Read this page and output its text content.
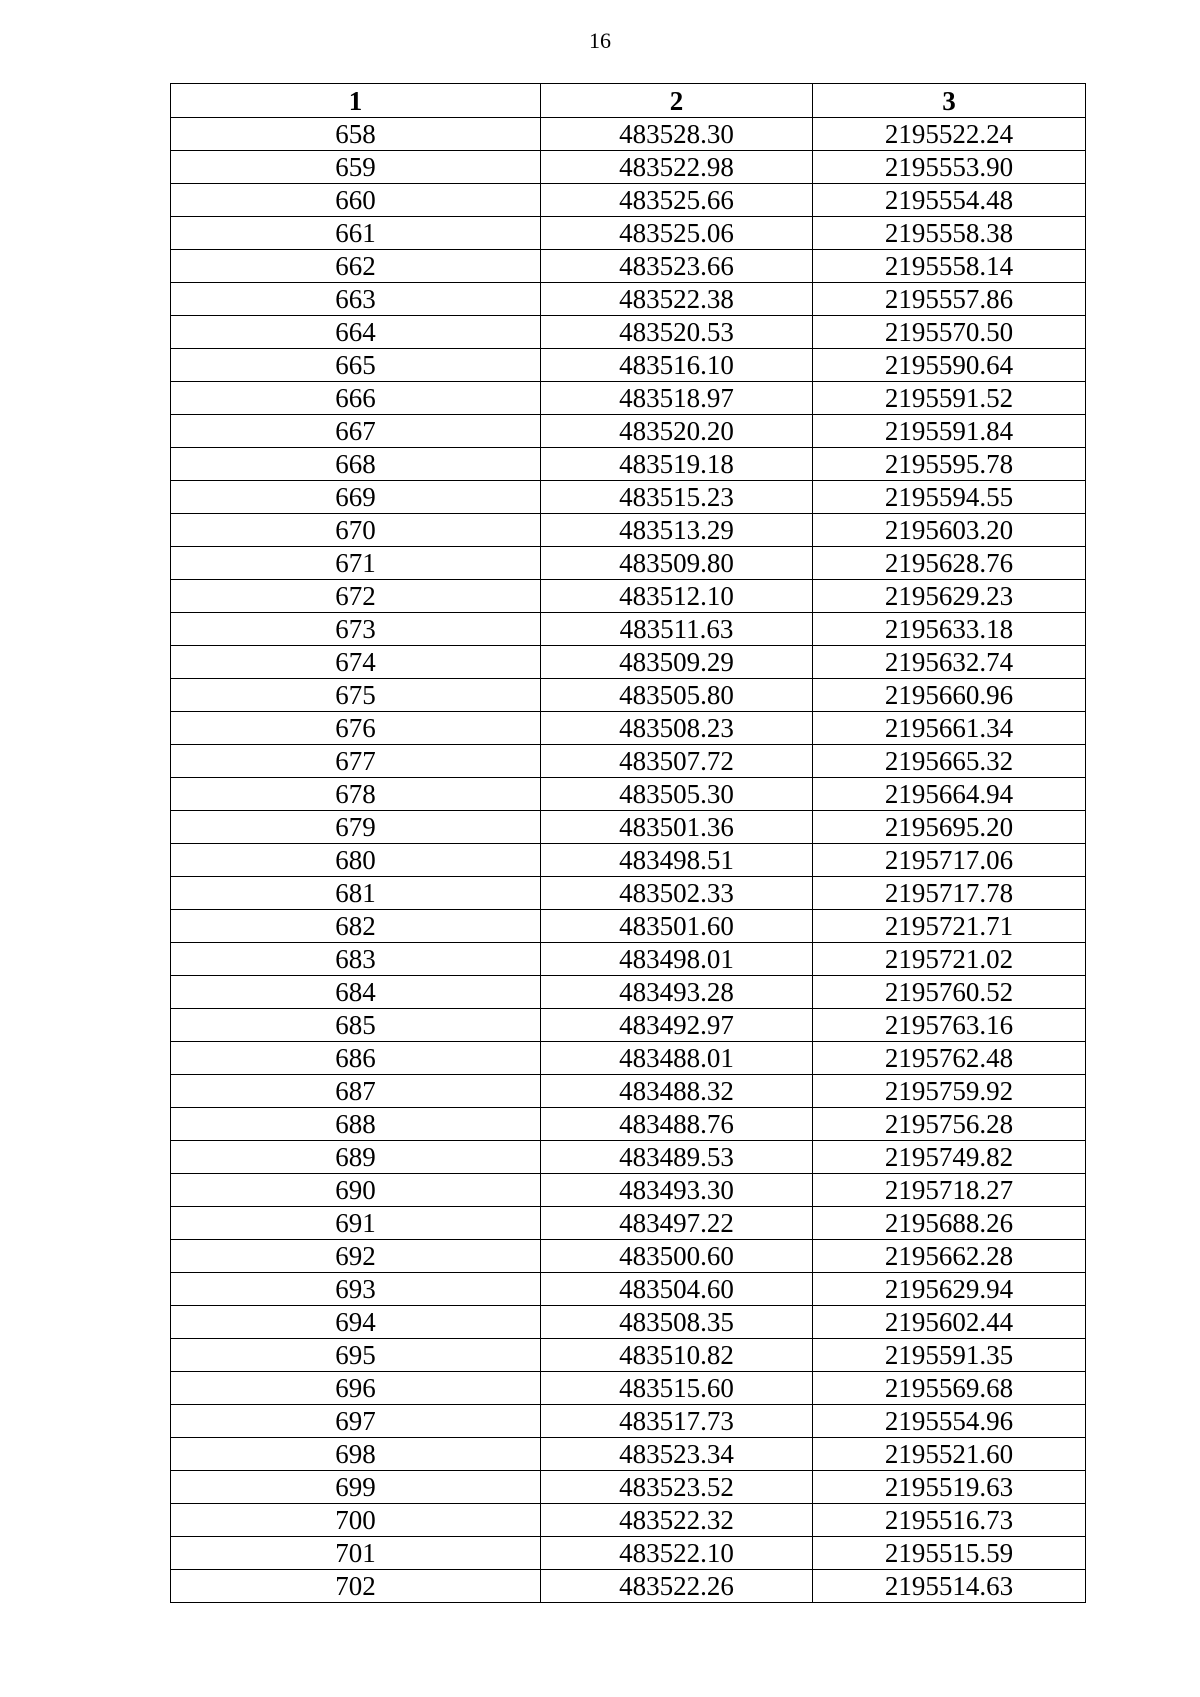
16
1	2	3
658	483528.30	2195522.24
659	483522.98	2195553.90
660	483525.66	2195554.48
661	483525.06	2195558.38
662	483523.66	2195558.14
663	483522.38	2195557.86
664	483520.53	2195570.50
665	483516.10	2195590.64
666	483518.97	2195591.52
667	483520.20	2195591.84
668	483519.18	2195595.78
669	483515.23	2195594.55
670	483513.29	2195603.20
671	483509.80	2195628.76
672	483512.10	2195629.23
673	483511.63	2195633.18
674	483509.29	2195632.74
675	483505.80	2195660.96
676	483508.23	2195661.34
677	483507.72	2195665.32
678	483505.30	2195664.94
679	483501.36	2195695.20
680	483498.51	2195717.06
681	483502.33	2195717.78
682	483501.60	2195721.71
683	483498.01	2195721.02
684	483493.28	2195760.52
685	483492.97	2195763.16
686	483488.01	2195762.48
687	483488.32	2195759.92
688	483488.76	2195756.28
689	483489.53	2195749.82
690	483493.30	2195718.27
691	483497.22	2195688.26
692	483500.60	2195662.28
693	483504.60	2195629.94
694	483508.35	2195602.44
695	483510.82	2195591.35
696	483515.60	2195569.68
697	483517.73	2195554.96
698	483523.34	2195521.60
699	483523.52	2195519.63
700	483522.32	2195516.73
701	483522.10	2195515.59
702	483522.26	2195514.63
